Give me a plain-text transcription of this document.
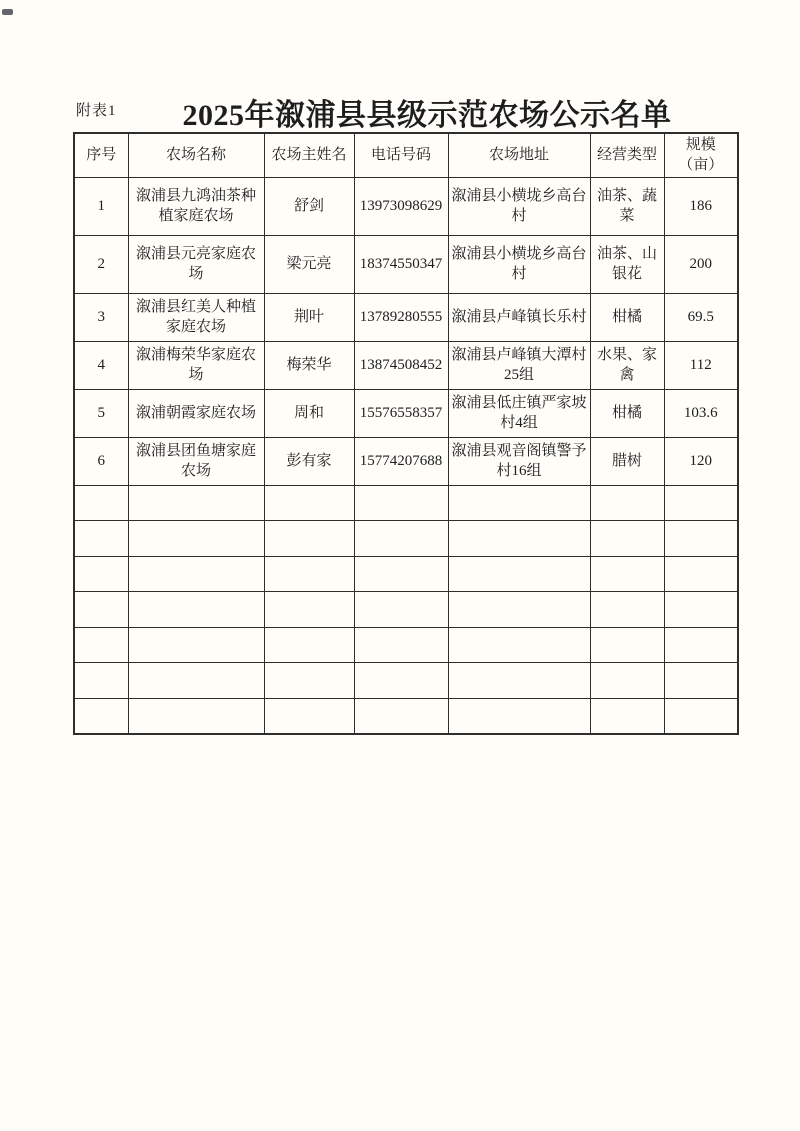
附表1	2025年溆浦县县级示范农场公示名单
序号	农场名称	农场主姓名	电话号码	农场地址	经营类型	规模（亩）
1	溆浦县九鸿油茶种植家庭农场	舒剑	13973098629	溆浦县小横垅乡高台村	油茶、蔬菜	186
2	溆浦县元亮家庭农场	梁元亮	18374550347	溆浦县小横垅乡高台村	油茶、山银花	200
3	溆浦县红美人种植家庭农场	荆叶	13789280555	溆浦县卢峰镇长乐村	柑橘	69.5
4	溆浦梅荣华家庭农场	梅荣华	13874508452	溆浦县卢峰镇大潭村25组	水果、家禽	112
5	溆浦朝霞家庭农场	周和	15576558357	溆浦县低庄镇严家坡村4组	柑橘	103.6
6	溆浦县团鱼塘家庭农场	彭有家	15774207688	溆浦县观音阁镇警予村16组	腊树	120
